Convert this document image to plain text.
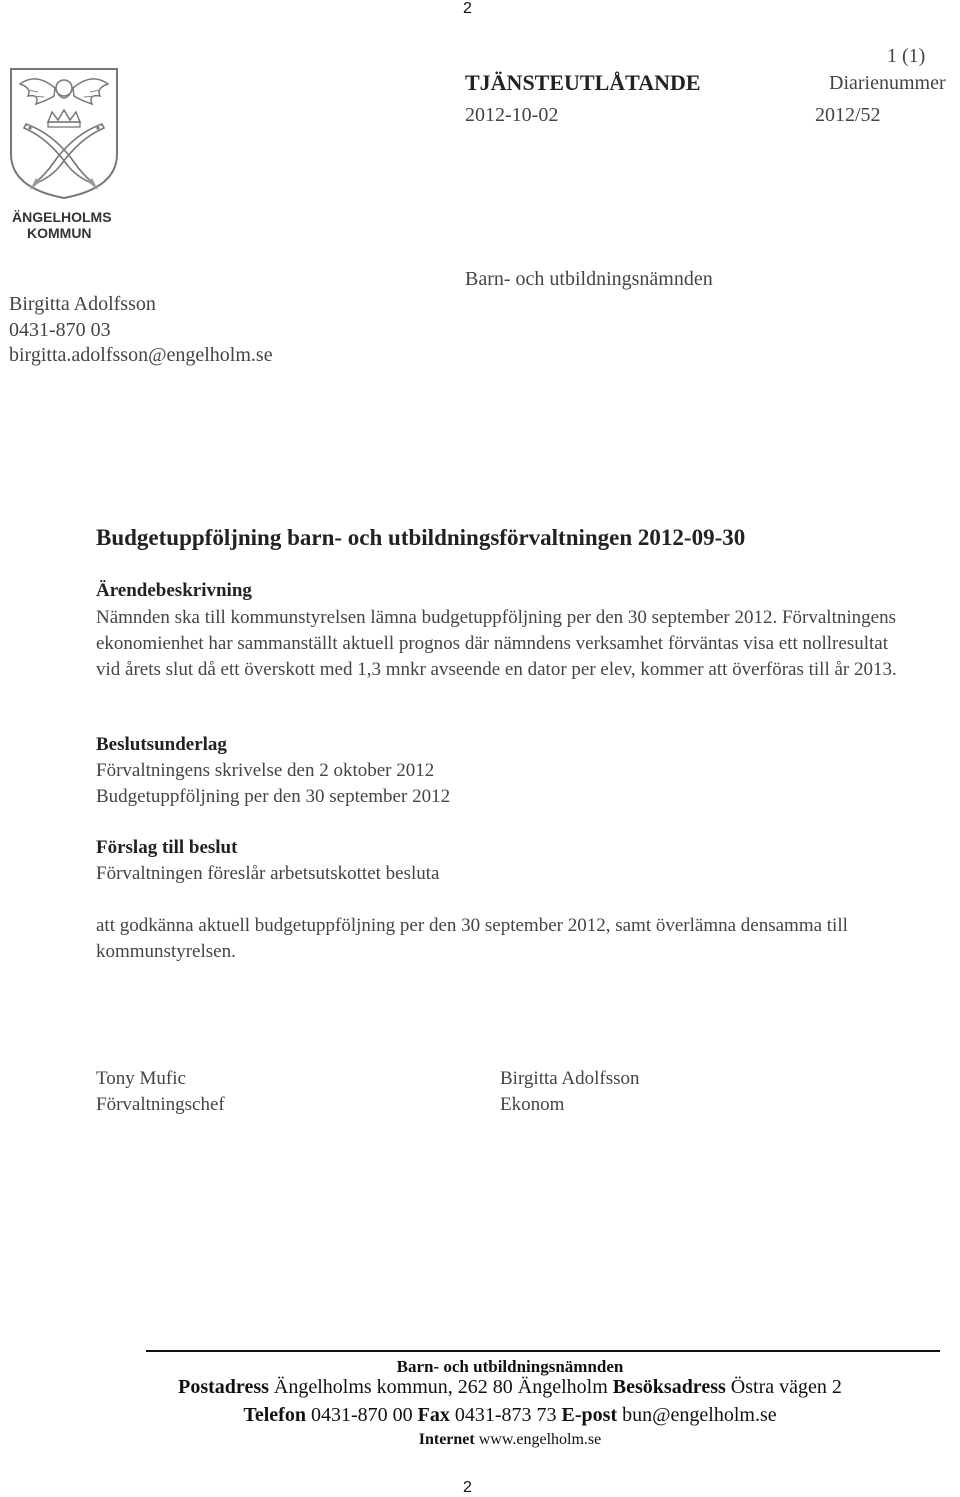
2
ÄNGELHOLMS
KOMMUN
1 (1)
TJÄNSTEUTLÅTANDE	Diarienummer
2012-10-02	2012/52
Barn- och utbildningsnämnden
Birgitta Adolfsson
0431-870 03
birgitta.adolfsson@engelholm.se
Budgetuppföljning barn- och utbildningsförvaltningen 2012-09-30
Ärendebeskrivning
Nämnden ska till kommunstyrelsen lämna budgetuppföljning per den 30 september 2012. Förvaltningens ekonomienhet har sammanställt aktuell prognos där nämndens verksamhet förväntas visa ett nollresultat vid årets slut då ett överskott med 1,3 mnkr avseende en dator per elev, kommer att överföras till år 2013.
Beslutsunderlag
Förvaltningens skrivelse den 2 oktober 2012
Budgetuppföljning per den 30 september 2012
Förslag till beslut
Förvaltningen föreslår arbetsutskottet besluta
att godkänna aktuell budgetuppföljning per den 30 september 2012, samt överlämna densamma till kommunstyrelsen.
Tony Mufic
Förvaltningschef
Birgitta Adolfsson
Ekonom
Barn- och utbildningsnämnden
Postadress Ängelholms kommun, 262 80 Ängelholm Besöksadress Östra vägen 2
Telefon 0431-870 00 Fax 0431-873 73 E-post bun@engelholm.se
Internet www.engelholm.se
2
